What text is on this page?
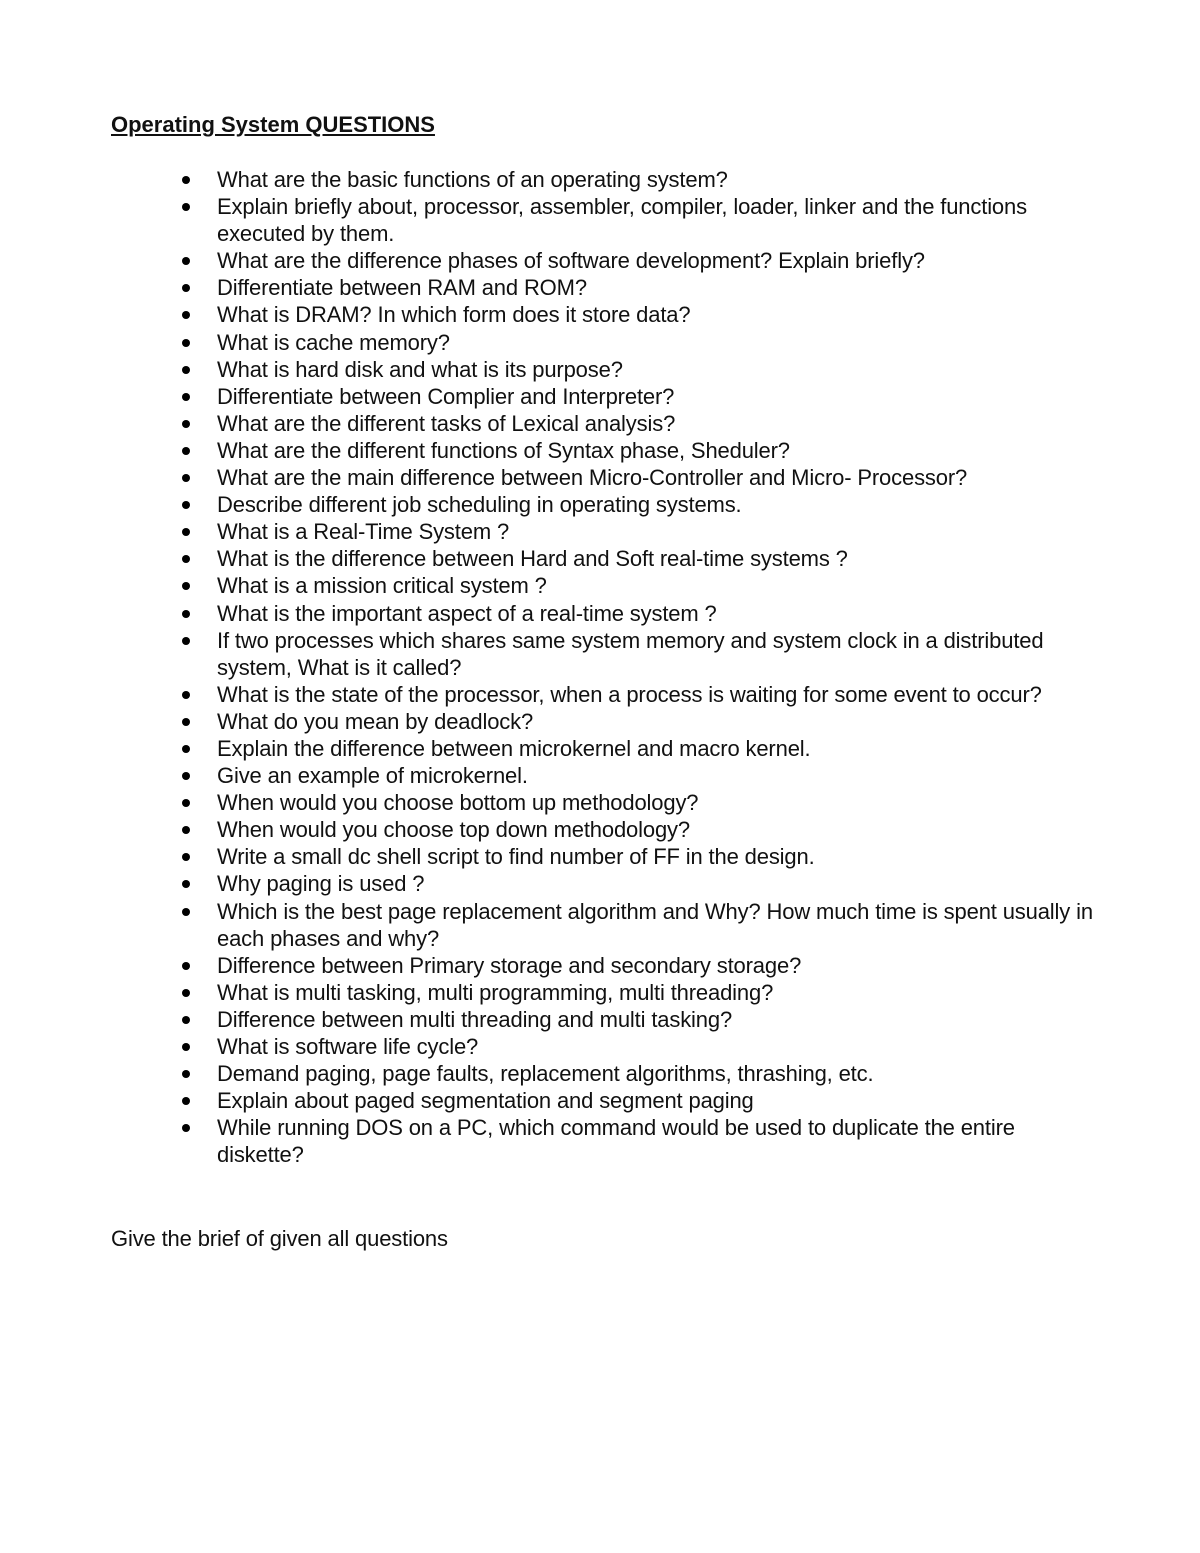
Operating System QUESTIONS
What are the basic functions of an operating system?
Explain briefly about, processor, assembler, compiler, loader, linker and the functions executed by them.
What are the difference phases of software development? Explain briefly?
Differentiate between RAM and ROM?
What is DRAM? In which form does it store data?
What is cache memory?
What is hard disk and what is its purpose?
Differentiate between Complier and Interpreter?
What are the different tasks of Lexical analysis?
What are the different functions of Syntax phase, Sheduler?
What are the main difference between Micro-Controller and Micro- Processor?
Describe different job scheduling in operating systems.
What is a Real-Time System ?
What is the difference between Hard and Soft real-time systems ?
What is a mission critical system ?
What is the important aspect of a real-time system ?
If two processes which shares same system memory and system clock in a distributed system, What is it called?
What is the state of the processor, when a process is waiting for some event to occur?
What do you mean by deadlock?
Explain the difference between microkernel and macro kernel.
Give an example of microkernel.
When would you choose bottom up methodology?
When would you choose top down methodology?
Write a small dc shell script to find number of FF in the design.
Why paging is used ?
Which is the best page replacement algorithm and Why? How much time is spent usually in each phases and why?
Difference between Primary storage and secondary storage?
What is multi tasking, multi programming, multi threading?
Difference between multi threading and multi tasking?
What is software life cycle?
Demand paging, page faults, replacement algorithms, thrashing, etc.
Explain about paged segmentation and segment paging
While running DOS on a PC, which command would be used to duplicate the entire diskette?

Give the brief of given all questions
